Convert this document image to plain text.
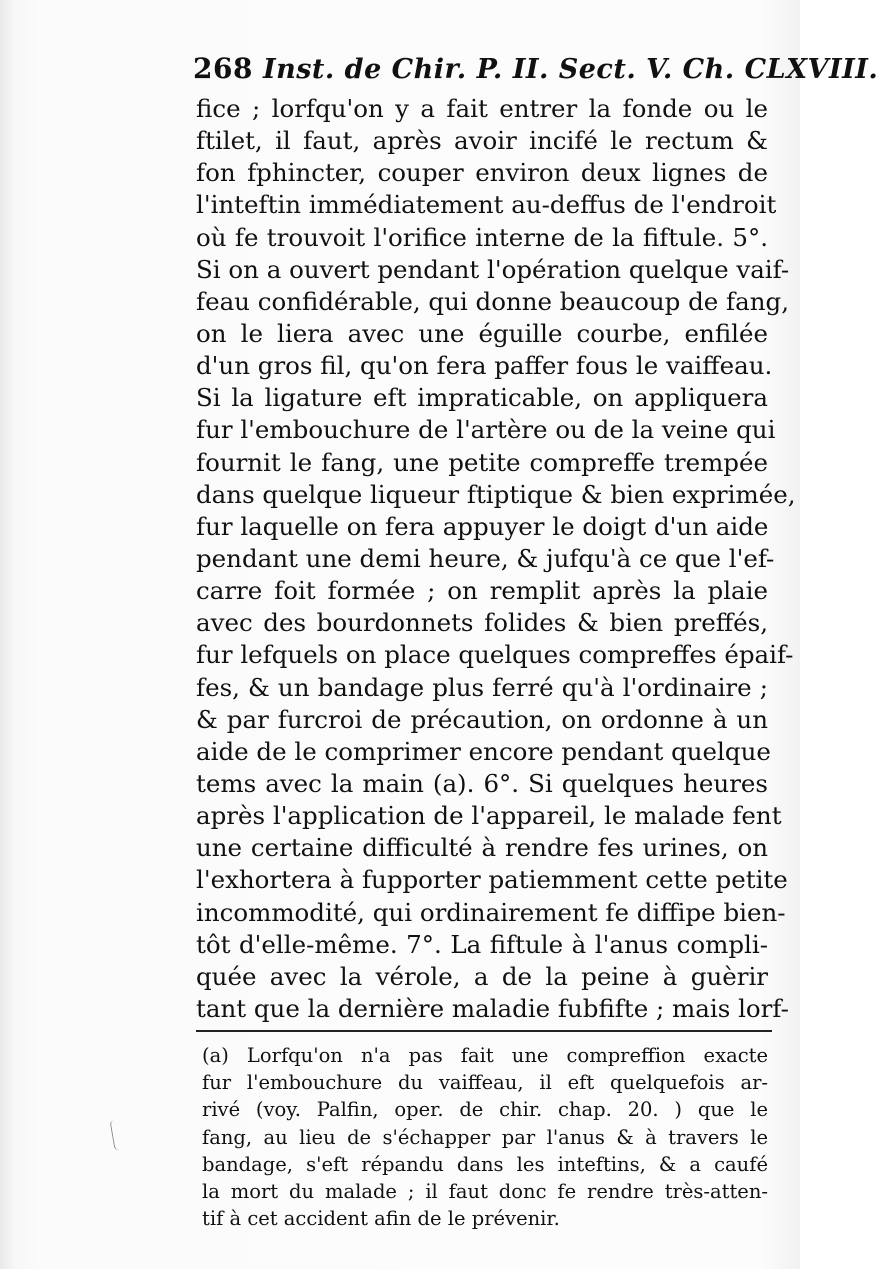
268 Inst. de Chir. P. II. Sect. V. Ch. CLXVIII.
fice ; lorfqu'on y a fait entrer la fonde ou le
ftilet, il faut, après avoir incifé le rectum &
fon fphincter, couper environ deux lignes de
l'inteftin immédiatement au-deffus de l'endroit
où fe trouvoit l'orifice interne de la fiftule. 5°.
Si on a ouvert pendant l'opération quelque vaif-
feau confidérable, qui donne beaucoup de fang,
on le liera avec une éguille courbe, enfilée
d'un gros fil, qu'on fera paffer fous le vaiffeau.
Si la ligature eft impraticable, on appliquera
fur l'embouchure de l'artère ou de la veine qui
fournit le fang, une petite compreffe trempée
dans quelque liqueur ftiptique & bien exprimée,
fur laquelle on fera appuyer le doigt d'un aide
pendant une demi heure, & jufqu'à ce que l'ef-
carre foit formée ; on remplit après la plaie
avec des bourdonnets folides & bien preffés,
fur lefquels on place quelques compreffes épaif-
fes, & un bandage plus ferré qu'à l'ordinaire ;
& par furcroi de précaution, on ordonne à un
aide de le comprimer encore pendant quelque
tems avec la main (a). 6°. Si quelques heures
après l'application de l'appareil, le malade fent
une certaine difficulté à rendre fes urines, on
l'exhortera à fupporter patiemment cette petite
incommodité, qui ordinairement fe diffipe bien-
tôt d'elle-même. 7°. La fiftule à l'anus compli-
quée avec la vérole, a de la peine à guèrir
tant que la dernière maladie fubfifte ; mais lorf-
(a) Lorfqu'on n'a pas fait une compreffion exacte
fur l'embouchure du vaiffeau, il eft quelquefois ar-
rivé (voy. Palfin, oper. de chir. chap. 20. ) que le
fang, au lieu de s'échapper par l'anus & à travers le
bandage, s'eft répandu dans les inteftins, & a caufé
la mort du malade ; il faut donc fe rendre très-atten-
tif à cet accident afin de le prévenir.
